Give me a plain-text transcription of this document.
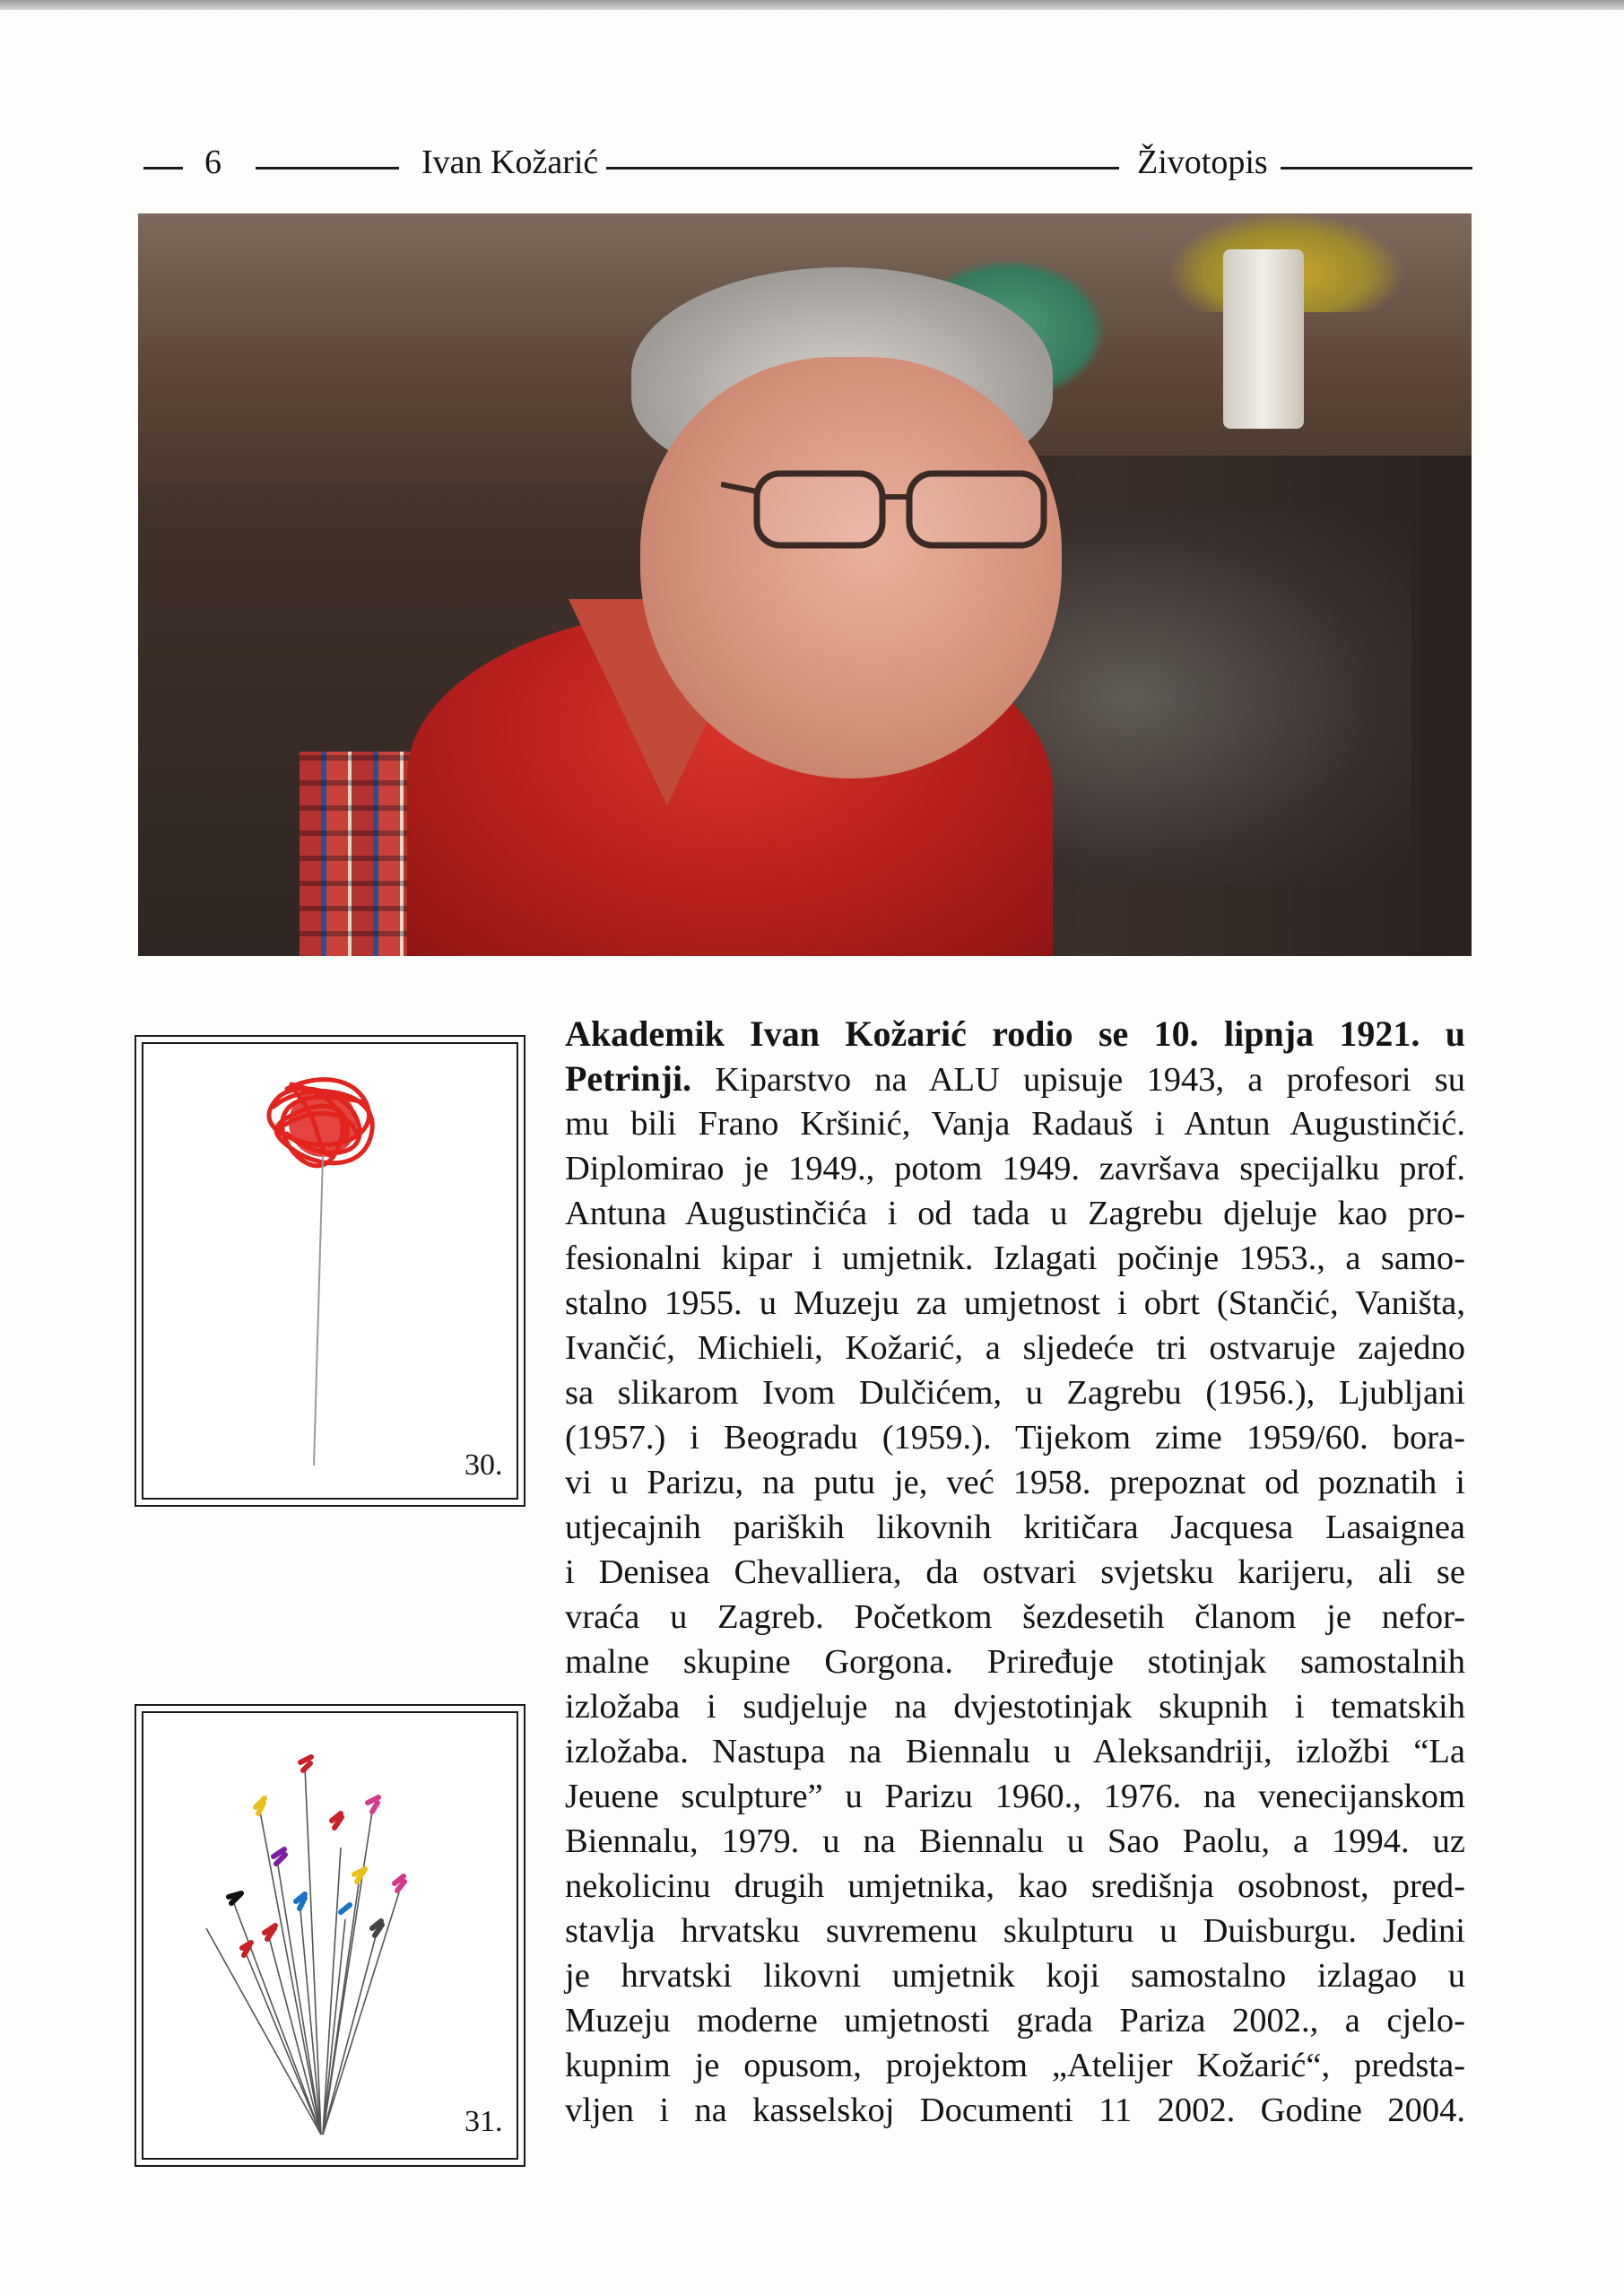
6	Ivan Kožarić	Životopis
30.
31.
Akademik Ivan Kožarić rodio se 10. lipnja 1921. u
Petrinji. Kiparstvo na ALU upisuje 1943, a profesori su
mu bili Frano Kršinić, Vanja Radauš i Antun Augustinčić.
Diplomirao je 1949., potom 1949. završava specijalku prof.
Antuna Augustinčića i od tada u Zagrebu djeluje kao pro-
fesionalni kipar i umjetnik. Izlagati počinje 1953., a samo-
stalno 1955. u Muzeju za umjetnost i obrt (Stančić, Vaništa,
Ivančić, Michieli, Kožarić, a sljedeće tri ostvaruje zajedno
sa slikarom Ivom Dulčićem, u Zagrebu (1956.), Ljubljani
(1957.) i Beogradu (1959.). Tijekom zime 1959/60. bora-
vi u Parizu, na putu je, već 1958. prepoznat od poznatih i
utjecajnih pariških likovnih kritičara Jacquesa Lasaignea
i Denisea Chevalliera, da ostvari svjetsku karijeru, ali se
vraća u Zagreb. Početkom šezdesetih članom je nefor-
malne skupine Gorgona. Priređuje stotinjak samostalnih
izložaba i sudjeluje na dvjestotinjak skupnih i tematskih
izložaba. Nastupa na Biennalu u Aleksandriji, izložbi “La
Jeuene sculpture” u Parizu 1960., 1976. na venecijanskom
Biennalu, 1979. u na Biennalu u Sao Paolu, a 1994. uz
nekolicinu drugih umjetnika, kao središnja osobnost, pred-
stavlja hrvatsku suvremenu skulpturu u Duisburgu. Jedini
je hrvatski likovni umjetnik koji samostalno izlagao u
Muzeju moderne umjetnosti grada Pariza 2002., a cjelo-
kupnim je opusom, projektom „Atelijer Kožarić“, predsta-
vljen i na kasselskoj Documenti 11 2002. Godine 2004.
